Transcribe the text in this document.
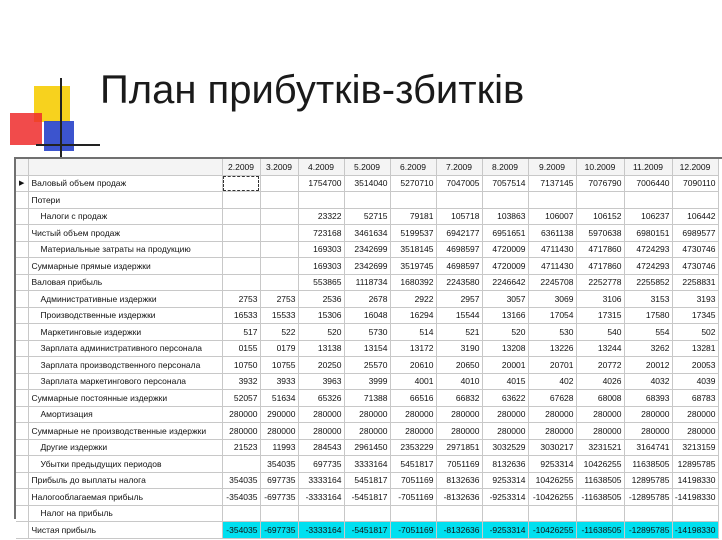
План прибутків-збитків
		2.2009	3.2009	4.2009	5.2009	6.2009	7.2009	8.2009	9.2009	10.2009	11.2009	12.2009
▶	Валовый объем продаж			1754700	3514040	5270710	7047005	7057514	7137145	7076790	7006440	7090110
	Потери											
	Налоги с продаж			23322	52715	79181	105718	103863	106007	106152	106237	106442
	Чистый объем продаж			723168	3461634	5199537	6942177	6951651	6361138	5970638	6980151	6989577
	Материальные затраты на продукцию			169303	2342699	3518145	4698597	4720009	4711430	4717860	4724293	4730746
	Суммарные прямые издержки			169303	2342699	3519745	4698597	4720009	4711430	4717860	4724293	4730746
	Валовая прибыль			553865	1118734	1680392	2243580	2246642	2245708	2252778	2255852	2258831
	Административные издержки	2753	2753	2536	2678	2922	2957	3057	3069	3106	3153	3193
	Производственные издержки	16533	15533	15306	16048	16294	15544	13166	17054	17315	17580	17345
	Маркетинговые издержки	517	522	520	5730	514	521	520	530	540	554	502
	Зарплата административного персонала	0155	0179	13138	13154	13172	3190	13208	13226	13244	3262	13281
	Зарплата производственного персонала	10750	10755	20250	25570	20610	20650	20001	20701	20772	20012	20053
	Зарплата маркетингового персонала	3932	3933	3963	3999	4001	4010	4015	402	4026	4032	4039
	Суммарные постоянные издержки	52057	51634	65326	71388	66516	66832	63622	67628	68008	68393	68783
	Амортизация	280000	290000	280000	280000	280000	280000	280000	280000	280000	280000	280000
	Суммарные не производственные издержки	280000	280000	280000	280000	280000	280000	280000	280000	280000	280000	280000
	Другие издержки	21523	11993	284543	2961450	2353229	2971851	3032529	3030217	3231521	3164741	3213159
	Убытки предыдущих периодов		354035	697735	3333164	5451817	7051169	8132636	9253314	10426255	11638505	12895785
	Прибыль до выплаты налога	354035	697735	3333164	5451817	7051169	8132636	9253314	10426255	11638505	12895785	14198330
	Налогооблагаемая прибыль	-354035	-697735	-3333164	-5451817	-7051169	-8132636	-9253314	-10426255	-11638505	-12895785	-14198330
	Налог на прибыль											
	Чистая прибыль	-354035	-697735	-3333164	-5451817	-7051169	-8132636	-9253314	-10426255	-11638505	-12895785	-14198330
